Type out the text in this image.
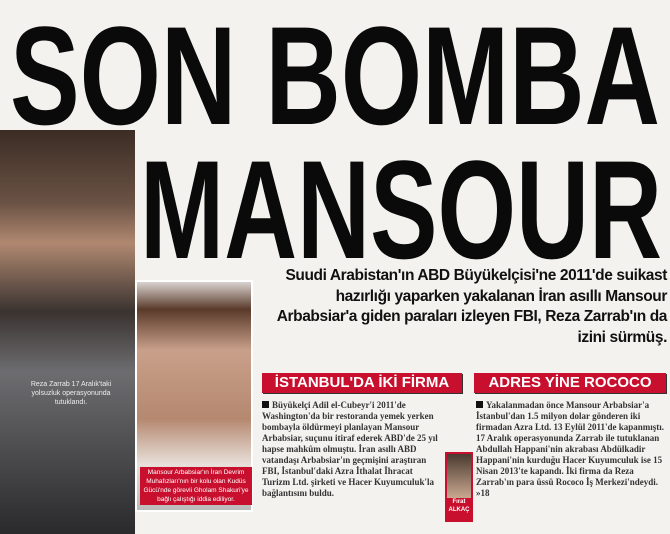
SON BOMBA
MANSOUR
Reza Zarrab 17 Aralık'taki yolsuzluk operasyonunda tutuklandı.
Mansour Arbabsiar'ın İran Devrim Muhafızları'nın bir kolu olan Kudüs Gücü'nde görevli Gholam Shakuri'ye bağlı çalıştığı iddia ediliyor.
Suudi Arabistan'ın ABD Büyükelçisi'ne 2011'de suikast hazırlığı yaparken yakalanan İran asıllı Mansour Arbabsiar'a giden paraları izleyen FBI, Reza Zarrab'ın da izini sürmüş.
İSTANBUL'DA İKİ FİRMA	ADRES YİNE ROCOCO
Büyükelçi Adil el-Cubeyr'i 2011'de Washington'da bir restoranda yemek yerken bombayla öldürmeyi planlayan Mansour Arbabsiar, suçunu itiraf ederek ABD'de 25 yıl hapse mahkûm olmuştu. İran asıllı ABD vatandaşı Arbabsiar'ın geçmişini araştıran FBI, İstanbul'daki Azra İthalat İhracat Turizm Ltd. şirketi ve Hacer Kuyumculuk'la bağlantısını buldu.
Yakalanmadan önce Mansour Arbabsiar'a İstanbul'dan 1.5 milyon dolar gönderen iki firmadan Azra Ltd. 13 Eylül 2011'de kapanmıştı. 17 Aralık operasyonunda Zarrab ile tutuklanan Abdullah Happani'nin akrabası Abdülkadir Happani'nin kurduğu Hacer Kuyumculuk ise 15 Nisan 2013'te kapandı. İki firma da Reza Zarrab'ın para üssü Rococo İş Merkezi'ndeydi. »18
Fırat
ALKAÇ
